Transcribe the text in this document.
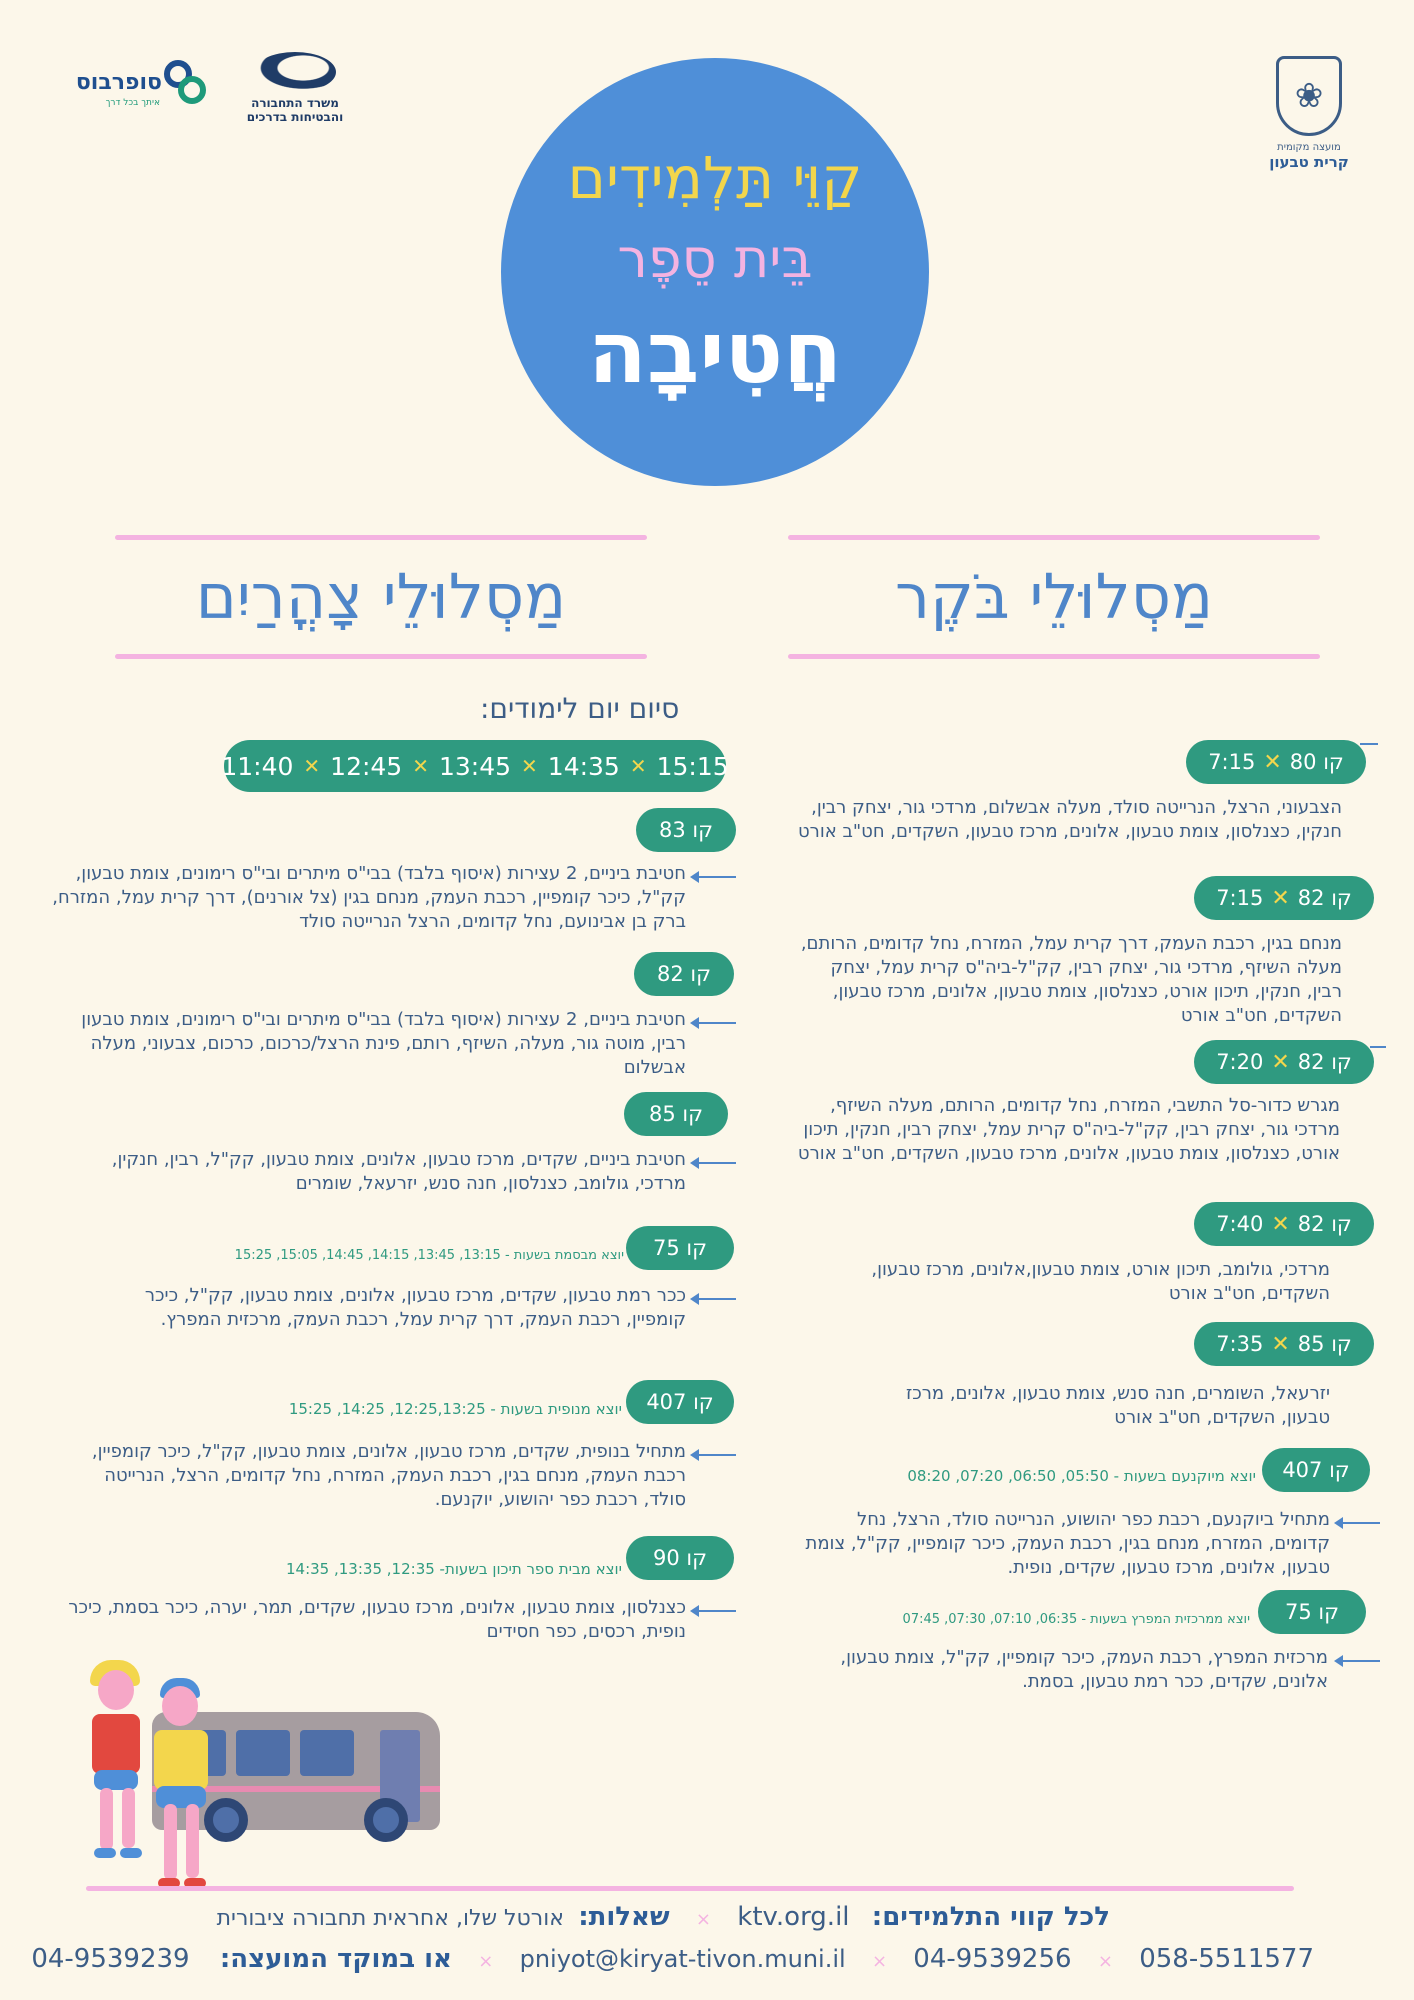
❀
מועצה מקומית
קרית טבעון
משרד התחבורה
והבטיחות בדרכים
סופרבוס
איתך בכל דרך
קַוֵּי תַּלְמִידִים
בֵּית סֵפֶר
חֲטִיבָה
מַסְלוּלֵי בֹּקֶר
מַסְלוּלֵי צָהֳרַיִם
קו 80
✕
7:15
הצבעוני, הרצל, הנרייטה סולד, מעלה אבשלום, מרדכי גור, יצחק רבין, חנקין, כצנלסון, צומת טבעון, אלונים, מרכז טבעון, השקדים, חט"ב אורט
קו 82
✕
7:15
מנחם בגין, רכבת העמק, דרך קרית עמל, המזרח, נחל קדומים, הרותם, מעלה השיזף, מרדכי גור, יצחק רבין, קק"ל-ביה"ס קרית עמל, יצחק רבין, חנקין, תיכון אורט, כצנלסון, צומת טבעון, אלונים, מרכז טבעון, השקדים, חט"ב אורט
קו 82
✕
7:20
מגרש כדור-סל התשבי, המזרח, נחל קדומים, הרותם, מעלה השיזף, מרדכי גור, יצחק רבין, קק"ל-ביה"ס קרית עמל, יצחק רבין, חנקין, תיכון אורט, כצנלסון, צומת טבעון, אלונים, מרכז טבעון, השקדים, חט"ב אורט
קו 82
✕
7:40
מרדכי, גולומב, תיכון אורט, צומת טבעון,אלונים, מרכז טבעון, השקדים, חט"ב אורט
קו 85
✕
7:35
יזרעאל, השומרים, חנה סנש, צומת טבעון, אלונים, מרכז טבעון, השקדים, חט"ב אורט
קו 407
יוצא מיוקנעם בשעות - 05:50, 06:50, 07:20, 08:20
מתחיל ביוקנעם, רכבת כפר יהושוע, הנרייטה סולד, הרצל, נחל קדומים, המזרח, מנחם בגין, רכבת העמק, כיכר קומפיין, קק"ל, צומת טבעון, אלונים, מרכז טבעון, שקדים, נופית.
קו 75
יוצא ממרכזית המפרץ בשעות - 06:35, 07:10, 07:30, 07:45
מרכזית המפרץ, רכבת העמק, כיכר קומפיין, קק"ל, צומת טבעון, אלונים, שקדים, ככר רמת טבעון, בסמת.
סיום יום לימודים:
11:40 ✕ 12:45 ✕ 13:45 ✕ 14:35 ✕ 15:15
קו 83
חטיבת ביניים, 2 עצירות (איסוף בלבד) בבי"ס מיתרים ובי"ס רימונים, צומת טבעון, קק"ל, כיכר קומפיין, רכבת העמק, מנחם בגין (צל אורנים), דרך קרית עמל, המזרח, ברק בן אבינועם, נחל קדומים, הרצל הנרייטה סולד
קו 82
חטיבת ביניים, 2 עצירות (איסוף בלבד) בבי"ס מיתרים ובי"ס רימונים, צומת טבעון רבין, מוטה גור, מעלה, השיזף, רותם, פינת הרצל/כרכום, כרכום, צבעוני, מעלה אבשלום
קו 85
חטיבת ביניים, שקדים, מרכז טבעון, אלונים, צומת טבעון, קק"ל, רבין, חנקין, מרדכי, גולומב, כצנלסון, חנה סנש, יזרעאל, שומרים
קו 75
יוצא מבסמת בשעות - 13:15, 13:45, 14:15, 14:45, 15:05, 15:25
ככר רמת טבעון, שקדים, מרכז טבעון, אלונים, צומת טבעון, קק"ל, כיכר קומפיין, רכבת העמק, דרך קרית עמל, רכבת העמק, מרכזית המפרץ.
קו 407
יוצא מנופית בשעות - 12:25,13:25, 14:25, 15:25
מתחיל בנופית, שקדים, מרכז טבעון, אלונים, צומת טבעון, קק"ל, כיכר קומפיין, רכבת העמק, מנחם בגין, רכבת העמק, המזרח, נחל קדומים, הרצל, הנרייטה סולד, רכבת כפר יהושוע, יוקנעם.
קו 90
יוצא מבית ספר תיכון בשעות- 12:35, 13:35, 14:35
כצנלסון, צומת טבעון, אלונים, מרכז טבעון, שקדים, תמר, יערה, כיכר בסמת, כיכר נופית, רכסים, כפר חסידים
לכל קווי התלמידים: ktv.org.il × שאלות: אורטל שלו, אחראית תחבורה ציבורית
058-5511577 × 04-9539256 × pniyot@kiryat-tivon.muni.il × או במוקד המועצה: 04-9539239
